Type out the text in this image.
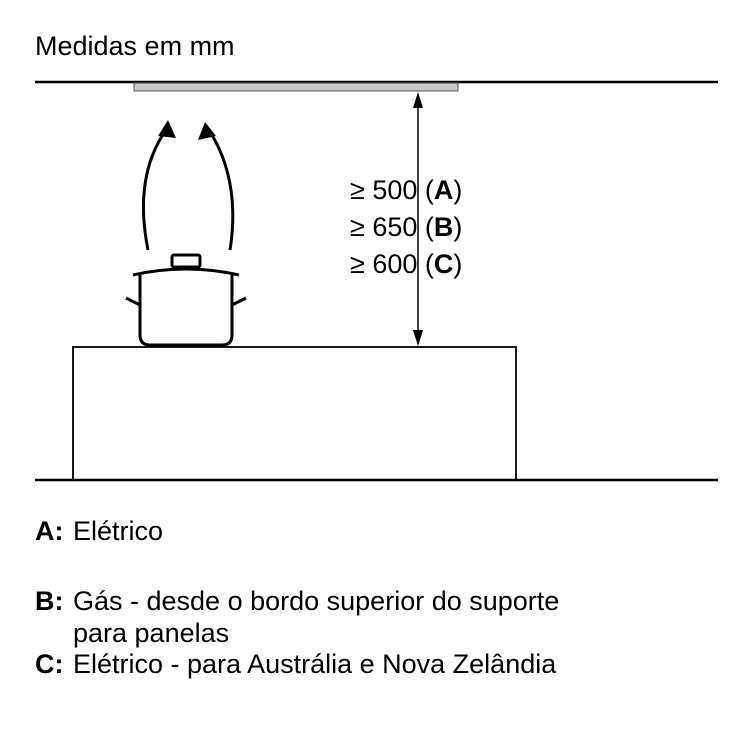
Medidas em mm
≥ 500 (A)
≥ 650 (B)
≥ 600 (C)
A: Elétrico
B: Gás - desde o bordo superior do suporte
para panelas
C: Elétrico - para Austrália e Nova Zelândia
